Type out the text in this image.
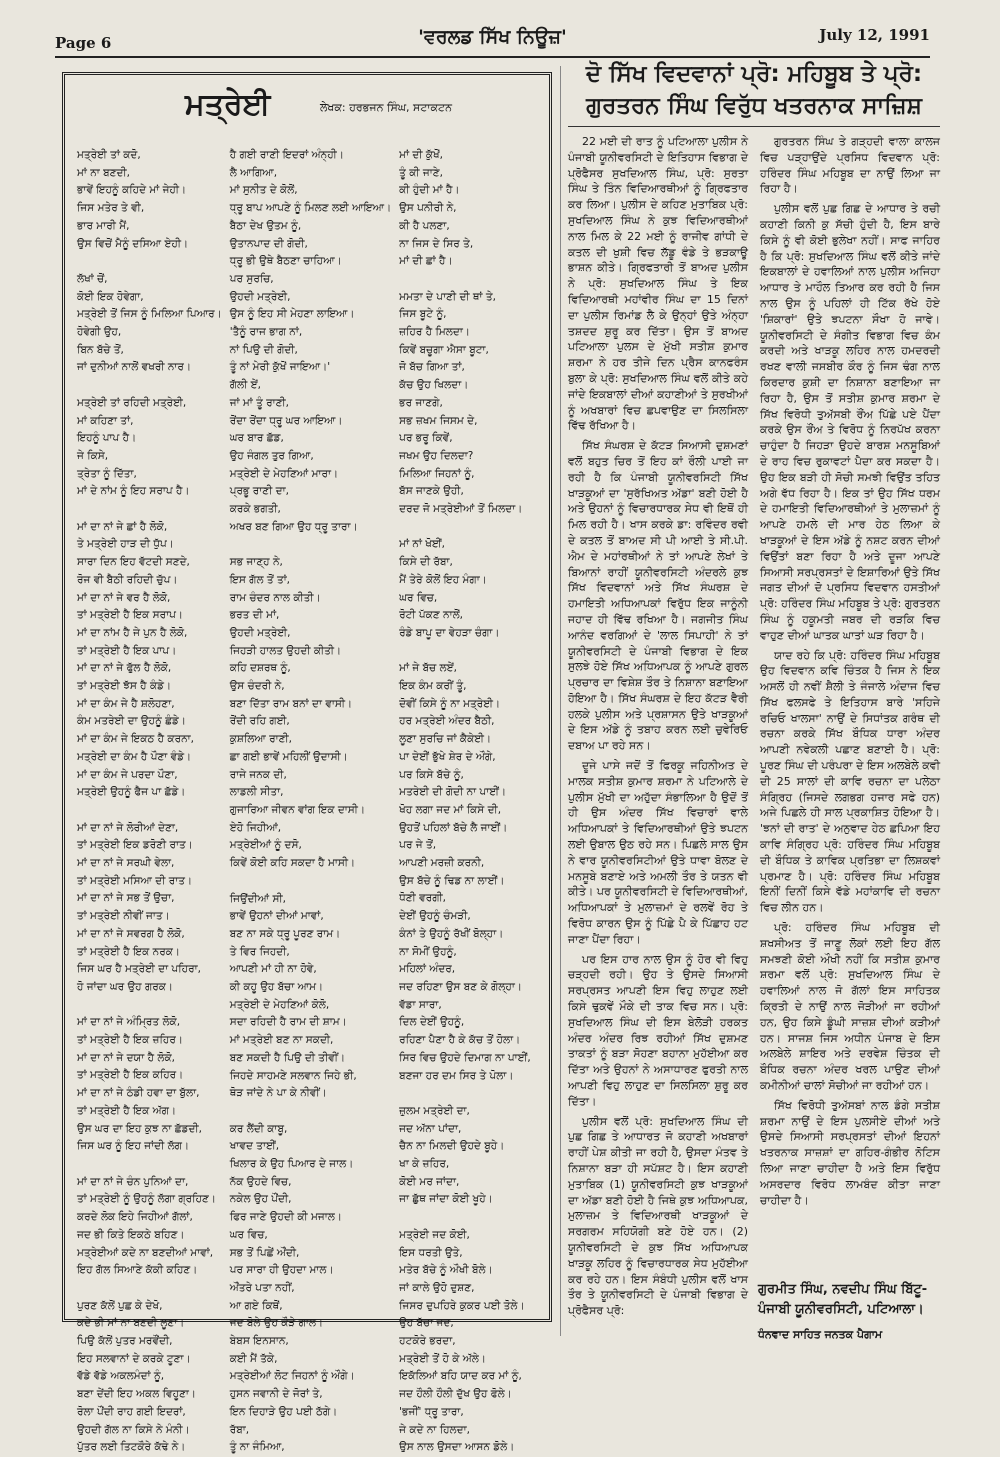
Page 6	'ਵਰਲਡ ਸਿੱਖ ਨਿਊਜ਼'	July 12, 1991
ਮਤ੍ਰੇਈ	ਲੇਖਕ: ਹਰਭਜਨ ਸਿੰਘ, ਸਟਾਕਟਨ
ਮਤ੍ਰੇਈ ਤਾਂ ਕਦੋ,
ਮਾਂ ਨਾ ਬਣਦੀ,
ਭਾਵੇਂ ਇਹਨੂੰ ਕਹਿਦੇ ਮਾਂ ਜੇਹੀ।
ਜਿਸ ਮਤੇਰ ਤੇ ਵੀ,
ਭਾਰ ਮਾਰੀ ਮੈਂ,
ਉਸ ਵਿਚੋਂ ਮੈਨੂੰ ਦਸਿਆ ਏਹੀ।
ਲੱਖਾਂ ਚੋਂ,
ਕੋਈ ਇਕ ਹੋਵੇਗਾ,
ਮਤ੍ਰੇਈ ਤੋਂ ਜਿਸ ਨੂੰ ਮਿਲਿਆ ਪਿਆਰ।
ਹੋਵੇਗੀ ਉਹ,
ਬਿਨ ਬੱਚੇ ਤੋਂ,
ਜਾਂ ਦੁਨੀਆਂ ਨਾਲੋਂ ਵਖਰੀ ਨਾਰ।
ਮਤ੍ਰੇਈ ਤਾਂ ਰਹਿਦੀ ਮਤ੍ਰੇਈ,
ਮਾਂ ਕਹਿਣਾ ਤਾਂ,
ਇਹਨੂੰ ਪਾਪ ਹੈ।
ਜੇ ਕਿਸੇ,
ਤ੍ਰੇਤਾ ਨੂੰ ਦਿੱਤਾ,
ਮਾਂ ਦੇ ਨਾਂਮ ਨੂੰ ਇਹ ਸਰਾਪ ਹੈ।
ਮਾਂ ਦਾ ਨਾਂ ਜੇ ਛਾਂ ਹੈ ਲੋਕੋ,
ਤੇ ਮਤ੍ਰੇਈ ਹਾੜ ਦੀ ਧੁੱਪ।
ਸਾਰਾ ਦਿਨ ਇਹ ਵੱਟਦੀ ਸਣਦੇ,
ਰੋਜ ਵੀ ਬੈਠੀ ਰਹਿਦੀ ਚੁੱਪ।
ਮਾਂ ਦਾ ਨਾਂ ਜੇ ਵਰ ਹੈ ਲੋਕੋ,
ਤਾਂ ਮਤ੍ਰੇਈ ਹੈ ਇਕ ਸਰਾਪ।
ਮਾਂ ਦਾ ਨਾਂਮ ਹੈ ਜੇ ਪੁਨ ਹੈ ਲੋਕੋ,
ਤਾਂ ਮਤ੍ਰੇਈ ਹੈ ਇਕ ਪਾਪ।
ਮਾਂ ਦਾ ਨਾਂ ਜੇ ਫੁੱਲ ਹੈ ਲੋਕੋ,
ਤਾਂ ਮਤ੍ਰੇਈ ਝੱਸ ਹੈ ਕੰਡੇ।
ਮਾਂ ਦਾ ਕੰਮ ਜੇ ਹੈ ਸ਼ਲੋਹਣਾ,
ਕੰਮ ਮਤਰੇਈ ਦਾ ਉਹਨੂੰ ਛੰਡੇ।
ਮਾਂ ਦਾ ਕੰਮ ਜੇ ਇਕਠ ਹੈ ਕਰਨਾ,
ਮਤ੍ਰੇਈ ਦਾ ਕੰਮ ਹੈ ਪੌਣਾ ਵੰਡੇ।
ਮਾਂ ਦਾ ਕੰਮ ਜੇ ਪਰਦਾ ਪੌਣਾ,
ਮਤ੍ਰੇਈ ਉਹਨੂੰ ਫੈਜ ਪਾ ਛੱਡੇ।
ਮਾਂ ਦਾ ਨਾਂ ਜੇ ਲੋਰੀਆਂ ਦੇਣਾ,
ਤਾਂ ਮਤ੍ਰੇਈ ਇਕ ਡਰੋਣੀ ਰਾਤ।
ਮਾਂ ਦਾ ਨਾਂ ਜੇ ਸਰਘੀ ਵੇਲਾ,
ਤਾਂ ਮਤ੍ਰੇਈ ਮਸਿਆ ਦੀ ਰਾਤ।
ਮਾਂ ਦਾ ਨਾਂ ਜੇ ਸਭ ਤੋਂ ਉਚਾ,
ਤਾਂ ਮਤ੍ਰੇਈ ਨੀਵੀਂ ਜਾਤ।
ਮਾਂ ਦਾ ਨਾਂ ਜੇ ਸਵਰਗ ਹੈ ਲੋਕੋ,
ਤਾਂ ਮਤ੍ਰੇਈ ਹੈ ਇਕ ਨਰਕ।
ਜਿਸ ਘਰ ਹੈ ਮਤ੍ਰੇਈ ਦਾ ਪਹਿਰਾ,
ਹੋ ਜਾਂਦਾ ਘਰ ਉਹ ਗਰਕ।
ਮਾਂ ਦਾ ਨਾਂ ਜੇ ਅੰਮ੍ਰਿਤ ਲੋਕੋ,
ਤਾਂ ਮਤ੍ਰੇਈ ਹੈ ਇਕ ਜ਼ਹਿਰ।
ਮਾਂ ਦਾ ਨਾਂ ਜੇ ਦਯਾ ਹੈ ਲੋਕੋ,
ਤਾਂ ਮਤ੍ਰੇਈ ਹੈ ਇਕ ਕਹਿਰ।
ਮਾਂ ਦਾ ਨਾਂ ਜੇ ਠੰਡੀ ਹਵਾ ਦਾ ਬੁੱਲਾ,
ਤਾਂ ਮਤ੍ਰੇਈ ਹੈ ਇਕ ਅੱਗ।
ਉਸ ਘਰ ਦਾ ਇਹ ਕੁਝ ਨਾ ਛੱਡਦੀ,
ਜਿਸ ਘਰ ਨੂੰ ਇਹ ਜਾਂਦੀ ਲੱਗ।
ਮਾਂ ਦਾ ਨਾਂ ਜੇ ਚੰਨ ਪੁਨਿਆਂ ਦਾ,
ਤਾਂ ਮਤ੍ਰੇਈ ਨੂੰ ਉਹਨੂੰ ਲੱਗਾ ਗ੍ਰਹਿਣ।
ਕਰਦੇ ਲੋਕ ਇਹੇ ਜਿਹੀਆਂ ਗੱਲਾਂ,
ਜਦ ਭੀ ਕਿਤੇ ਇਕਠੇ ਬਹਿਣ।
ਮਤ੍ਰੇਈਆਂ ਕਦੇ ਨਾ ਬਣਦੀਆਂ ਮਾਵਾਂ,
ਇਹ ਗੱਲ ਸਿਆਣੇ ਕੱਕੀ ਕਹਿਣ।
ਪੁਰਣ ਕੱਲੋਂ ਪੁਛ ਕੇ ਦੇਖੋ,
ਕਦੇ ਭੀ ਮਾਂ ਨਾ ਬਣਦੀ ਲੂਣਾ।
ਪਿਉ ਕੱਲੋਂ ਪੁਤਰ ਮਰਵੌਂਦੀ,
ਇਹ ਸਲਵਾਨਾਂ ਦੇ ਕਰਕੇ ਟੂਣਾ।
ਵੱਡੇ ਵੱਡੇ ਅਕਲਮੰਦਾਂ ਨੂੰ,
ਬਣਾ ਦੇਂਦੀ ਇਹ ਅਕਲ ਵਿਹੂਣਾ।
ਰੋਲਾ ਪੌਂਦੀ ਰਾਹ ਗਈ ਇਦਰਾਂ,
ਉਹਦੀ ਗੱਲ ਨਾ ਕਿਸੇ ਨੇ ਮੰਨੀ।
ਪੁੱਤਰ ਲਈ ਤਿਟਕੌਰੇ ਕੱਢੇ ਨੇ।
ਹੈ ਗਈ ਰਾਣੀ ਇਦਰਾਂ ਅੰਨ੍ਹੀ।
ਲੈ ਆਗਿਆ,
ਮਾਂ ਸੁਨੀਤ ਦੇ ਕੋਲੋਂ,
ਧ੍ਰੂ ਬਾਪ ਆਪਣੇ ਨੂੰ ਮਿਲਣ ਲਈ ਆਇਆ।
ਬੈਠਾ ਦੇਖ ਉਤਮ ਨੂੰ,
ਉਤਾਨਪਾਦ ਦੀ ਗੋਦੀ,
ਧ੍ਰੂ ਭੀ ਉਥੇ ਬੈਠਣਾ ਚਾਹਿਆ।
ਪਰ ਸੁਰਚਿ,
ਉਹਦੀ ਮਤ੍ਰੇਈ,
ਉਸ ਨੂੰ ਇਹ ਸੀ ਮੇਹਣਾ ਲਾਇਆ।
'ਤੈਨੂੰ ਰਾਜ ਭਾਗ ਨਾਂ,
ਨਾਂ ਪਿਉ ਦੀ ਗੋਦੀ,
ਤੂੰ ਨਾਂ ਮੇਰੀ ਕੁੱਖੋਂ ਜਾਇਆ।'
ਗੱਲੀ ਏਂ,
ਜਾਂ ਮਾਂ ਤੂੰ ਰਾਣੀ,
ਰੋਂਦਾ ਰੋਂਦਾ ਧ੍ਰੂ ਘਰ ਆਇਆ।
ਘਰ ਬਾਰ ਛੱਡ,
ਉਹ ਜੰਗਲ ਤੁਰ ਗਿਆ,
ਮਤ੍ਰੇਈ ਦੇ ਮੇਹਣਿਆਂ ਮਾਰਾ।
ਪ੍ਰਭੂ ਰਾਣੀ ਦਾ,
ਕਰਕੇ ਭਗਤੀ,
ਅਖਰ ਬਣ ਗਿਆ ਉਹ ਧ੍ਰੂ ਤਾਰਾ।
ਸਭ ਜਾਣ੍ਹ ਨੇ,
ਇਸ ਗੱਲ ਤੋਂ ਤਾਂ,
ਰਾਮ ਚੰਦਰ ਨਾਲ ਕੀਤੀ।
ਭਰਤ ਦੀ ਮਾਂ,
ਉਹਦੀ ਮਤ੍ਰੇਈ,
ਜਿਹੜੀ ਹਾਲਤ ਉਹਦੀ ਕੀਤੀ।
ਕਹਿ ਦਸ਼ਰਥ ਨੂੰ,
ਉਸ ਚੰਦਰੀ ਨੇ,
ਬਣਾ ਦਿੱਤਾ ਰਾਮ ਬਨਾਂ ਦਾ ਵਾਸੀ।
ਰੋਂਦੀ ਰਹਿ ਗਈ,
ਕੁਸ਼ਲਿਆ ਰਾਣੀ,
ਛਾ ਗਈ ਭਾਵੇਂ ਮਹਿਲੀਂ ਉਦਾਸੀ।
ਰਾਜੇ ਜਨਕ ਦੀ,
ਲਾਡਲੀ ਸੀਤਾ,
ਗੁਜਾਰਿਆ ਜੀਵਨ ਵਾਂਗ ਇਕ ਦਾਸੀ।
ਏਹੋ ਜਿਹੀਆਂ,
ਮਤ੍ਰੇਈਆਂ ਨੂੰ ਦਸੋ,
ਕਿਵੇਂ ਕੋਈ ਕਹਿ ਸਕਦਾ ਹੈ ਮਾਸੀ।
ਜਿਉਂਦੀਆਂ ਸੀ,
ਭਾਵੇਂ ਉਹਨਾਂ ਦੀਆਂ ਮਾਵਾਂ,
ਬਣ ਨਾ ਸਕੇ ਧ੍ਰੂ ਪੂਰਣ ਰਾਮ।
ਤੇ ਵਿਰ ਜਿਹਦੀ,
ਆਪਣੀ ਮਾਂ ਹੀ ਨਾ ਹੋਵੇ,
ਕੀ ਕਹੂ ਉਹ ਬੱਚਾ ਆਮ।
ਮਤ੍ਰੇਈ ਦੇ ਮੇਹਣਿਆਂ ਕੋਲੋ,
ਸਦਾ ਰਹਿਦੀ ਹੈ ਰਾਮ ਦੀ ਸ਼ਾਮ।
ਮਾਂ ਮਤ੍ਰੇਈ ਬਣ ਨਾ ਸਕਦੀ,
ਬਣ ਸਕਦੀ ਹੈ ਪਿਉ ਦੀ ਤੀਵੀਂ।
ਜਿਹਦੇ ਸਾਹਮਣੇ ਸਲਵਾਨ ਜਿਹੇ ਭੀ,
ਥੋੜ ਜਾਂਦੇ ਨੇ ਪਾ ਕੇ ਨੀਵੀਂ।
ਕਰ ਲੈਂਦੀ ਕਾਬੂ,
ਖਾਵਦ ਤਾਈਂ,
ਖਿਲਾਰ ਕੇ ਉਹ ਪਿਆਰ ਦੇ ਜਾਲ।
ਨੱਕ ਉਹਦੇ ਵਿਚ,
ਨਕੇਲ ਉਹ ਪੌਂਦੀ,
ਫਿਰ ਜਾਣੇ ਉਹਦੀ ਕੀ ਮਜਾਲ।
ਘਰ ਵਿਚ,
ਸਭ ਤੋਂ ਪਿਛੇਂ ਔਂਦੀ,
ਪਰ ਸਾਰਾ ਹੀ ਉਹਦਾ ਮਾਲ।
ਔਂਤਰੇ ਪਤਾ ਨਹੀਂ,
ਆ ਗਏ ਕਿਥੋਂ,
ਜਦ ਬੋਲੇ ਉਹ ਕੌੜੇ ਗਾਲ।
ਬੇਬਸ ਇਨਸਾਨ,
ਕਈ ਮੈਂ ਤੱਕੇ,
ਮਤ੍ਰੇਈਆਂ ਲੋਟ ਜਿਹਨਾਂ ਨੂੰ ਔਗੇ।
ਹੁਸਨ ਜਵਾਨੀ ਦੇ ਜੋਰਾਂ ਤੇ,
ਇਨ ਦਿਹਾੜੇ ਉਹ ਪਈ ਠੱਗੇ।
ਰੱਬਾ,
ਤੂੰ ਨਾ ਜੰਮਿਆ,
ਮਾਂ ਦੀ ਕੁੱਖੋਂ,
ਤੂੰ ਕੀ ਜਾਣੇ,
ਕੀ ਹੁੰਦੀ ਮਾਂ ਹੈ।
ਉਸ ਪਨੀਰੀ ਨੇ,
ਕੀ ਹੈ ਪਲਣਾ,
ਨਾ ਜਿਸ ਦੇ ਸਿਰ ਤੇ,
ਮਾਂ ਦੀ ਛਾਂ ਹੈ।
ਮਮਤਾ ਦੇ ਪਾਣੀ ਦੀ ਥਾਂ ਤੇ,
ਜਿਸ ਬੂਟੇ ਨੂੰ,
ਜ਼ਹਿਰ ਹੈ ਮਿਲਦਾ।
ਕਿਵੇਂ ਬਚੂਗਾ ਐਸਾ ਬੂਟਾ,
ਜੋ ਬੱਚ ਗਿਆ ਤਾਂ,
ਕੱਚ ਉਹ ਖਿਲਦਾ।
ਭਰ ਜਾਣਗੇ,
ਸਭ ਜ਼ਖਮ ਜਿਸਮ ਦੇ,
ਪਰ ਭਰੂ ਕਿਵੇਂ,
ਜਖਮ ਉਹ ਦਿਲਦਾ?
ਮਿਲਿਆ ਜਿਹਨਾਂ ਨੂੰ,
ਬੱਸ ਜਾਣਕੇ ਉਹੀ,
ਦਰਦ ਜੋ ਮਤ੍ਰੇਈਆਂ ਤੋਂ ਮਿਲਦਾ।
ਮਾਂ ਨਾਂ ਖੋਈਂ,
ਕਿਸੇ ਦੀ ਰੱਬਾ,
ਮੈਂ ਤੇਰੇ ਕੋਲੋਂ ਇਹ ਮੰਗਾ।
ਘਰ ਵਿਚ,
ਰੋਟੀ ਪੱਕਣ ਨਾਲੋਂ,
ਰੰਡੇ ਬਾਪੂ ਦਾ ਵੇਹੜਾ ਚੰਗਾ।
ਮਾਂ ਜੇ ਬੱਚ ਲਏਂ,
ਇਕ ਕੰਮ ਕਰੀਂ ਤੂੰ,
ਦੋਵੀਂ ਕਿਸੇ ਨੂੰ ਨਾ ਮਤ੍ਰੇਈ।
ਹਰ ਮਤ੍ਰੇਈ ਅੰਦਰ ਬੈਠੀ,
ਲੂਣਾ ਸੁਰਚਿ ਜਾਂ ਕੈਕੇਈ।
ਪਾ ਦੇਈਂ ਭੁੱਖੇ ਸ਼ੇਰ ਦੇ ਔਗੇ,
ਪਰ ਕਿਸੇ ਬੱਚੇ ਨੂੰ,
ਮਤਰੇਈ ਦੀ ਗੋਦੀ ਨਾ ਪਾਈਂ।
ਖੋਹ ਲਗਾ ਜਦ ਮਾਂ ਕਿਸੇ ਦੀ,
ਉਹਤੋਂ ਪਹਿਲਾਂ ਬੱਚੇ ਲੈ ਜਾਈਂ।
ਪਰ ਜੇ ਤੋਂ,
ਆਪਣੀ ਮਰਜ਼ੀ ਕਰਨੀ,
ਉਸ ਬੱਚੇ ਨੂੰ ਢਿਡ ਨਾ ਲਾਈਂ।
ਧੋਣੀ ਵਰਗੀ,
ਦੇਈਂ ਉਹਨੂੰ ਚੰਮੜੀ,
ਕੰਨਾਂ ਤੇ ਉਹਨੂੰ ਰੱਖੀਂ ਬੋਲ੍ਹਾ।
ਨਾ ਸੋਮੀਂ ਉਹਨੂੰ,
ਮਹਿਲਾਂ ਅੰਦਰ,
ਜਦ ਰਹਿਣਾ ਉਸ ਬਣ ਕੇ ਗੋਲ੍ਹਾ।
ਵੱਡਾ ਸਾਰਾ,
ਦਿਲ ਦੇਈਂ ਉਹਨੂੰ,
ਰਹਿਣਾ ਪੈਣਾ ਹੈ ਕੇ ਕੱਚ ਤੋਂ ਹੋਲਾ।
ਸਿਰ ਵਿਚ ਉਹਦੇ ਦਿਮਾਗ ਨਾ ਪਾਈਂ,
ਬਣਜਾ ਹਰ ਦਮ ਸਿਰ ਤੇ ਪੋਲਾ।
ਜ਼ੁਲਮ ਮਤ੍ਰੇਈ ਦਾ,
ਜਦ ਅੱਨਾ ਪਾਂਦਾ,
ਚੈਨ ਨਾ ਮਿਲਦੀ ਉਹਦੇ ਬੂਹੇ।
ਖਾ ਕੇ ਜ਼ਹਿਰ,
ਕੋਈ ਮਰ ਜਾਂਦਾ,
ਜਾ ਛੁੱਥ ਜਾਂਦਾ ਕੋਈ ਖੂਹੇ।
ਮਤ੍ਰੇਈ ਜਦ ਕੋਈ,
ਇਸ ਧਰਤੀ ਉਤੇ,
ਮਤੇਰ ਬੱਚੇ ਨੂੰ ਔਖੀ ਬੋਲੇ।
ਜਾਂ ਕਾਲੇ ਉਹੋ ਦੁਸ਼ਣ,
ਜਿਸਰ ਦੁਪਹਿਰੇ ਕੁਕਰ ਪਈ ਤੋਲੇ।
ਉਹ ਬੱਚਾ ਜਦ,
ਹਟਕੋਰੇ ਭਰਦਾ,
ਮਤ੍ਰੇਈ ਤੋਂ ਹੋ ਕੇ ਅੱਲੇ।
ਇਕੱਲਿਆਂ ਬਹਿ ਯਾਦ ਕਰ ਮਾਂ ਨੂੰ,
ਜਦ ਹੌਲੀ ਹੌਲੀ ਦੁੱਖ ਉਹ ਫੋਲੇ।
'ਭਜੀਂ' ਧ੍ਰੂ ਤਾਰਾ,
ਜੇ ਕਦੇ ਨਾ ਹਿਲਦਾ,
ਉਸ ਨਾਲ ਉਸਦਾ ਆਸਨ ਡੋਲੇ।
ਦੋ ਸਿੱਖ ਵਿਦਵਾਨਾਂ ਪ੍ਰੋ: ਮਹਿਬੂਬ ਤੇ ਪ੍ਰੋ: ਗੁਰਤਰਨ ਸਿੰਘ ਵਿਰੁੱਧ ਖਤਰਨਾਕ ਸਾਜ਼ਿਸ਼

22 ਮਈ ਦੀ ਰਾਤ ਨੂੰ ਪਟਿਆਲਾ ਪੁਲੀਸ ਨੇ ਪੰਜਾਬੀ ਯੂਨੀਵਰਸਿਟੀ ਦੇ ਇਤਿਹਾਸ ਵਿਭਾਗ ਦੇ ਪ੍ਰੋਫੈਸਰ ਸੁਖਦਿਆਲ ਸਿੰਘ, ਪ੍ਰੋ: ਸੁਰਤਾ ਸਿੰਘ ਤੇ ਤਿੰਨ ਵਿਦਿਆਰਥੀਆਂ ਨੂੰ ਗ੍ਰਿਫਤਾਰ ਕਰ ਲਿਆ। ਪੁਲੀਸ ਦੇ ਕਹਿਣ ਮੁਤਾਬਿਕ ਪ੍ਰੋ: ਸੁਖਦਿਆਲ ਸਿੰਘ ਨੇ ਕੁਝ ਵਿਦਿਆਰਥੀਆਂ ਨਾਲ ਮਿਲ ਕੇ 22 ਮਈ ਨੂੰ ਰਾਜੀਵ ਗਾਂਧੀ ਦੇ ਕਤਲ ਦੀ ਖੁਸ਼ੀ ਵਿਚ ਲੱਡੂ ਵੰਡੇ ਤੇ ਭੜਕਾਊ ਭਾਸ਼ਨ ਕੀਤੇ। ਗ੍ਰਿਫਤਾਰੀ ਤੋਂ ਬਾਅਦ ਪੁਲੀਸ ਨੇ ਪ੍ਰੋ: ਸੁਖਦਿਆਲ ਸਿੰਘ ਤੇ ਇਕ ਵਿਦਿਆਰਥੀ ਮਹਾਂਵੀਰ ਸਿੰਘ ਦਾ 15 ਦਿਨਾਂ ਦਾ ਪੁਲੀਸ ਰਿਮਾਂਡ ਲੈ ਕੇ ਉਨ੍ਹਾਂ ਉਤੇ ਅੰਨ੍ਹਾ ਤਸ਼ਦਦ ਸ਼ੁਰੂ ਕਰ ਦਿੱਤਾ। ਉਸ ਤੋਂ ਬਾਅਦ ਪਟਿਆਲਾ ਪੁਲਸ ਦੇ ਮੁੱਖੀ ਸਤੀਸ਼ ਕੁਮਾਰ ਸ਼ਰਮਾ ਨੇ ਹਰ ਤੀਜੇ ਦਿਨ ਪ੍ਰੈਸ ਕਾਨਫਰੰਸ ਬੁਲਾ ਕੇ ਪ੍ਰੋ: ਸੁਖਦਿਆਲ ਸਿੰਘ ਵਲੋਂ ਕੀਤੇ ਕਹੇ ਜਾਂਦੇ ਇਕਬਾਲਾਂ ਦੀਆਂ ਕਹਾਣੀਆਂ ਤੇ ਸੁਰਖੀਆਂ ਨੂੰ ਅਖਬਾਰਾਂ ਵਿਚ ਛਪਵਾਉਣ ਦਾ ਸਿਲਸਿਲਾ ਵਿੱਢ ਰੱਖਿਆ ਹੈ।

ਸਿੱਖ ਸੰਘਰਸ਼ ਦੇ ਕੱਟੜ ਸਿਆਸੀ ਦੁਸ਼ਮਣਾਂ ਵਲੋਂ ਬਹੁਤ ਚਿਰ ਤੋਂ ਇਹ ਕਾਂ ਰੌਲੀ ਪਾਈ ਜਾ ਰਹੀ ਹੈ ਕਿ ਪੰਜਾਬੀ ਯੂਨੀਵਰਸਿਟੀ ਸਿੱਖ ਖਾੜਕੂਆਂ ਦਾ 'ਸੁਰੱਖਿਅਤ ਅੱਡਾ' ਬਣੀ ਹੋਈ ਹੈ ਅਤੇ ਉਹਨਾਂ ਨੂੰ ਵਿਚਾਰਧਾਰਕ ਸੇਧ ਵੀ ਇਥੋਂ ਹੀ ਮਿਲ ਰਹੀ ਹੈ। ਖਾਸ ਕਰਕੇ ਡਾ: ਰਵਿੰਦਰ ਰਵੀ ਦੇ ਕਤਲ ਤੋਂ ਬਾਅਦ ਸੀ ਪੀ ਆਈ ਤੇ ਸੀ.ਪੀ. ਐਮ ਦੇ ਮਹਾਂਰਥੀਆਂ ਨੇ ਤਾਂ ਆਪਣੇ ਲੇਖਾਂ ਤੇ ਬਿਆਨਾਂ ਰਾਹੀਂ ਯੂਨੀਵਰਸਿਟੀ ਅੰਦਰਲੇ ਕੁਝ ਸਿੱਖ ਵਿਦਵਾਨਾਂ ਅਤੇ ਸਿੱਖ ਸੰਘਰਸ਼ ਦੇ ਹਮਾਇਤੀ ਅਧਿਆਪਕਾਂ ਵਿਰੁੱਧ ਇਕ ਜਾਨੂੰਨੀ ਜਹਾਦ ਹੀ ਵਿੱਢ ਰਖਿਆ ਹੈ। ਜਗਜੀਤ ਸਿੰਘ ਆਨੰਦ ਵਰਗਿਆਂ ਦੇ 'ਲਾਲ ਸਿਪਾਹੀ' ਨੇ ਤਾਂ ਯੂਨੀਵਰਸਿਟੀ ਦੇ ਪੰਜਾਬੀ ਵਿਭਾਗ ਦੇ ਇਕ ਸੁਲਝੇ ਹੋਏ ਸਿੱਖ ਅਧਿਆਪਕ ਨੂੰ ਆਪਣੇ ਗੁਰਲ ਪ੍ਰਚਾਰ ਦਾ ਵਿਸ਼ੇਸ਼ ਤੌਰ ਤੇ ਨਿਸ਼ਾਨਾ ਬਣਾਇਆ ਹੋਇਆ ਹੈ। ਸਿੱਖ ਸੰਘਰਸ਼ ਦੇ ਇਹ ਕੱਟੜ ਵੈਰੀ ਹਲਕੇ ਪੁਲੀਸ ਅਤੇ ਪ੍ਰਸ਼ਾਸਨ ਉਤੇ ਖਾੜਕੂਆਂ ਦੇ ਇਸ ਅੱਡੇ ਨੂੰ ਤਬਾਹ ਕਰਨ ਲਈ ਚੁਵੇਰਿਓ ਦਬਾਅ ਪਾ ਰਹੇ ਸਨ।

ਦੂਜੇ ਪਾਸੇ ਜਦੋਂ ਤੋਂ ਫਿਰਕੂ ਜਹਿਨੀਅਤ ਦੇ ਮਾਲਕ ਸਤੀਸ਼ ਕੁਮਾਰ ਸ਼ਰਮਾ ਨੇ ਪਟਿਆਲੇ ਦੇ ਪੁਲੀਸ ਮੁੱਖੀ ਦਾ ਅਹੁੱਦਾ ਸੰਭਾਲਿਆ ਹੈ ਉਦੋਂ ਤੋਂ ਹੀ ਉਸ ਅੰਦਰ ਸਿੱਖ ਵਿਚਾਰਾਂ ਵਾਲੇ ਅਧਿਆਪਕਾਂ ਤੇ ਵਿਦਿਆਰਥੀਆਂ ਉਤੇ ਝਪਟਨ ਲਈ ਉਬਾਲ ਉਠ ਰਹੇ ਸਨ। ਪਿਛਲੇ ਸਾਲ ਉਸ ਨੇ ਵਾਰ ਯੂਨੀਵਰਸਿਟੀਆਂ ਉਤੇ ਧਾਵਾ ਬੋਲਣ ਦੇ ਮਨਸੂਬੇ ਬਣਾਏ ਅਤੇ ਅਮਲੀ ਤੌਰ ਤੇ ਯਤਨ ਵੀ ਕੀਤੇ। ਪਰ ਯੂਨੀਵਰਸਿਟੀ ਦੇ ਵਿਦਿਆਰਥੀਆਂ, ਅਧਿਆਪਕਾਂ ਤੇ ਮੁਲਾਜ਼ਮਾਂ ਦੇ ਰਲਵੇਂ ਰੋਹ ਤੇ ਵਿਰੋਧ ਕਾਰਨ ਉਸ ਨੂੰ ਪਿੱਛੇ ਪੈ ਕੇ ਪਿੱਛਾਹ ਹਟ ਜਾਣਾ ਪੈਂਦਾ ਰਿਹਾ।

ਪਰ ਇਸ ਹਾਰ ਨਾਲ ਉਸ ਨੂੰ ਹੋਰ ਵੀ ਵਿਹੁ ਚੜ੍ਹਦੀ ਰਹੀ। ਉਹ ਤੇ ਉਸਦੇ ਸਿਆਸੀ ਸਰਪ੍ਰਸਤ ਆਪਣੀ ਇਸ ਵਿਹੁ ਲਾਹੁਣ ਲਈ ਕਿਸੇ ਢੁਕਵੇਂ ਮੌਕੇ ਦੀ ਤਾਕ ਵਿਚ ਸਨ। ਪ੍ਰੋ: ਸੁਖਦਿਆਲ ਸਿੰਘ ਦੀ ਇਸ ਬੇਲੋੜੀ ਹਰਕਤ ਅੰਦਰ ਅੰਦਰ ਰਿਝ ਰਹੀਆਂ ਸਿੱਖ ਦੁਸ਼ਮਣ ਤਾਕਤਾਂ ਨੂੰ ਬੜਾ ਸੋਹਣਾ ਬਹਾਨਾ ਮੁਹੱਈਆ ਕਰ ਦਿੱਤਾ ਅਤੇ ਉਹਨਾਂ ਨੇ ਅਸਾਧਾਰਣ ਫੁਰਤੀ ਨਾਲ ਆਪਣੀ ਵਿਹੁ ਲਾਹੁਣ ਦਾ ਸਿਲਸਿਲਾ ਸ਼ੁਰੂ ਕਰ ਦਿੱਤਾ।

ਪੁਲੀਸ ਵਲੋਂ ਪ੍ਰੋ: ਸੁਖਦਿਆਲ ਸਿੰਘ ਦੀ ਪੁਛ ਗਿਛ ਤੇ ਆਧਾਰਤ ਜੋ ਕਹਾਣੀ ਅਖਬਾਰਾਂ ਰਾਹੀਂ ਪੇਸ਼ ਕੀਤੀ ਜਾ ਰਹੀ ਹੈ, ਉਸਦਾ ਮੰਤਵ ਤੇ ਨਿਸ਼ਾਨਾ ਬੜਾ ਹੀ ਸਪੱਸ਼ਟ ਹੈ। ਇਸ ਕਹਾਣੀ ਮੁਤਾਬਿਕ (1) ਯੂਨੀਵਰਸਿਟੀ ਕੁਝ ਖਾੜਕੂਆਂ ਦਾ ਅੱਡਾ ਬਣੀ ਹੋਈ ਹੈ ਜਿਥੇ ਕੁਝ ਅਧਿਆਪਕ, ਮੁਲਾਜ਼ਮ ਤੇ ਵਿਦਿਆਰਥੀ ਖਾੜਕੂਆਂ ਦੇ ਸਰਗਰਮ ਸਹਿਯੋਗੀ ਬਣੇ ਹੋਏ ਹਨ। (2) ਯੂਨੀਵਰਸਿਟੀ ਦੇ ਕੁਝ ਸਿੱਖ ਅਧਿਆਪਕ ਖਾੜਕੂ ਲਹਿਰ ਨੂੰ ਵਿਚਾਰਧਾਰਕ ਸੇਧ ਮੁਹੱਈਆ ਕਰ ਰਹੇ ਹਨ। ਇਸ ਸੰਬੰਧੀ ਪੁਲੀਸ ਵਲੋਂ ਖਾਸ ਤੌਰ ਤੇ ਯੂਨੀਵਰਸਿਟੀ ਦੇ ਪੰਜਾਬੀ ਵਿਭਾਗ ਦੇ ਪ੍ਰੋਫੈਸਰ ਪ੍ਰੋ:

ਗੁਰਤਰਨ ਸਿੰਘ ਤੇ ਗੜ੍ਹਦੀ ਵਾਲਾ ਕਾਲਜ ਵਿਚ ਪੜ੍ਹਾਉਂਦੇ ਪ੍ਰਸਿਧ ਵਿਦਵਾਨ ਪ੍ਰੋ: ਹਰਿੰਦਰ ਸਿੰਘ ਮਹਿਬੂਬ ਦਾ ਨਾਉਂ ਲਿਆ ਜਾ ਰਿਹਾ ਹੈ।

ਪੁਲੀਸ ਵਲੋਂ ਪੁਛ ਗਿਛ ਦੇ ਆਧਾਰ ਤੇ ਰਚੀ ਕਹਾਣੀ ਕਿਨੀ ਕੁ ਸੱਚੀ ਹੁੰਦੀ ਹੈ, ਇਸ ਬਾਰੇ ਕਿਸੇ ਨੂੰ ਵੀ ਕੋਈ ਭੁਲੇਖਾ ਨਹੀਂ। ਸਾਫ ਜਾਹਿਰ ਹੈ ਕਿ ਪ੍ਰੋ: ਸੁਖਦਿਆਲ ਸਿੰਘ ਵਲੋਂ ਕੀਤੇ ਜਾਂਦੇ ਇਕਬਾਲਾਂ ਦੇ ਹਵਾਲਿਆਂ ਨਾਲ ਪੁਲੀਸ ਅਜਿਹਾ ਆਧਾਰ ਤੇ ਮਾਹੌਲ ਤਿਆਰ ਕਰ ਰਹੀ ਹੈ ਜਿਸ ਨਾਲ ਉਸ ਨੂੰ ਪਹਿਲਾਂ ਹੀ ਟਿੱਕ ਰੱਖੇ ਹੋਏ 'ਸ਼ਿਕਾਰਾਂ' ਉਤੇ ਝਪਟਨਾ ਸੌਖਾ ਹੋ ਜਾਵੇ। ਯੂਨੀਵਰਸਿਟੀ ਦੇ ਸੰਗੀਤ ਵਿਭਾਗ ਵਿਚ ਕੰਮ ਕਰਦੀ ਅਤੇ ਖਾੜਕੂ ਲਹਿਰ ਨਾਲ ਹਮਦਰਦੀ ਰਖਣ ਵਾਲੀ ਜਸਬੀਰ ਕੌਰ ਨੂੰ ਜਿਸ ਢੰਗ ਨਾਲ ਕਿਰਦਾਰ ਕੁਸ਼ੀ ਦਾ ਨਿਸ਼ਾਨਾ ਬਣਾਇਆ ਜਾ ਰਿਹਾ ਹੈ, ਉਸ ਤੋਂ ਸਤੀਸ਼ ਕੁਮਾਰ ਸ਼ਰਮਾ ਦੇ ਸਿੱਖ ਵਿਰੋਧੀ ਤੁਅੱਸਬੀ ਰੌਂਅ ਪਿੱਛੇ ਪਏ ਪੈਂਦਾ ਕਰਕੇ ਉਸ ਰੌਂਅ ਤੇ ਵਿਰੋਧ ਨੂੰ ਨਿਰਪੱਖ ਕਰਨਾ ਚਾਹੁੰਦਾ ਹੈ ਜਿਹੜਾ ਉਹਦੇ ਬਾਰਸ਼ ਮਨਸੂਬਿਆਂ ਦੇ ਰਾਹ ਵਿਚ ਰੁਕਾਵਟਾਂ ਪੈਦਾ ਕਰ ਸਕਦਾ ਹੈ। ਉਹ ਇਕ ਬੜੀ ਹੀ ਸੋਚੀ ਸਮਝੀ ਵਿਉਂਤ ਤਹਿਤ ਅਗੇ ਵੱਧ ਰਿਹਾ ਹੈ। ਇਕ ਤਾਂ ਉਹ ਸਿੱਖ ਧਰਮ ਦੇ ਹਮਾਇਤੀ ਵਿਦਿਆਰਥੀਆਂ ਤੇ ਮੁਲਾਜ਼ਮਾਂ ਨੂੰ ਆਪਣੇ ਹਮਲੇ ਦੀ ਮਾਰ ਹੇਠ ਲਿਆ ਕੇ ਖਾੜਕੂਆਂ ਦੇ ਇਸ ਅੱਡੇ ਨੂੰ ਨਸ਼ਟ ਕਰਨ ਦੀਆਂ ਵਿਉਂਤਾਂ ਬਣਾ ਰਿਹਾ ਹੈ ਅਤੇ ਦੂਜਾ ਆਪਣੇ ਸਿਆਸੀ ਸਰਪ੍ਰਸਤਾਂ ਦੇ ਇਸ਼ਾਰਿਆਂ ਉਤੇ ਸਿੱਖ ਜਗਤ ਦੀਆਂ ਦੋ ਪ੍ਰਸਿਧ ਵਿਦਵਾਨ ਹਸਤੀਆਂ ਪ੍ਰੋ: ਹਰਿੰਦਰ ਸਿੰਘ ਮਹਿਬੂਬ ਤੇ ਪ੍ਰੋ: ਗੁਰਤਰਨ ਸਿੰਘ ਨੂੰ ਹਕੂਮਤੀ ਜਬਰ ਦੀ ਰੜਕਿ ਵਿਚ ਵਾਹੁਣ ਦੀਆਂ ਘਾਤਕ ਘਾਤਾਂ ਘੜ ਰਿਹਾ ਹੈ।

ਯਾਦ ਰਹੇ ਕਿ ਪ੍ਰੋ: ਹਰਿੰਦਰ ਸਿੰਘ ਮਹਿਬੂਬ ਉਹ ਵਿਦਵਾਨ ਕਵਿ ਚਿੰਤਕ ਹੈ ਜਿਸ ਨੇ ਇਕ ਅਸਲੋਂ ਹੀ ਨਵੀਂ ਸ਼ੈਲੀ ਤੇ ਜੰਜਾਲੇ ਅੰਦਾਜ ਵਿਚ ਸਿੱਖ ਫਲਸਫੇ ਤੇ ਇਤਿਹਾਸ ਬਾਰੇ 'ਸਹਿਜੇ ਰਚਿਓ ਖਾਲਸਾ' ਨਾਉਂ ਦੇ ਸਿਧਾਂਤਕ ਗਰੰਥ ਦੀ ਰਚਨਾ ਕਰਕੇ ਸਿੱਖ ਬੌਧਿਕ ਧਾਰਾ ਅੰਦਰ ਆਪਣੀ ਨਵੇਕਲੀ ਪਛਾਣ ਬਣਾਈ ਹੈ। ਪ੍ਰੋ: ਪੂਰਣ ਸਿੰਘ ਦੀ ਪਰੰਪਰਾ ਦੇ ਇਸ ਅਲਬੇਲੇ ਕਵੀ ਦੀ 25 ਸਾਲਾਂ ਦੀ ਕਾਵਿ ਰਚਨਾ ਦਾ ਪਲੇਠਾ ਸੰਗ੍ਰਿਹ (ਜਿਸਦੇ ਲਗਭਗ ਹਜਾਰ ਸਫੇ ਹਨ) ਅਜੇ ਪਿਛਲੇ ਹੀ ਸਾਲ ਪ੍ਰਕਾਸ਼ਿਤ ਹੋਇਆ ਹੈ। 'ਝਨਾਂ ਦੀ ਰਾਤ' ਦੇ ਅਨੁਵਾਦ ਹੇਠ ਛਪਿਆ ਇਹ ਕਾਵਿ ਸੰਗ੍ਰਿਹ ਪ੍ਰੋ: ਹਰਿੰਦਰ ਸਿੰਘ ਮਹਿਬੂਬ ਦੀ ਬੌਧਿਕ ਤੇ ਕਾਵਿਕ ਪ੍ਰਤਿਭਾ ਦਾ ਲਿਸ਼ਕਵਾਂ ਪ੍ਰਮਾਣ ਹੈ। ਪ੍ਰੋ: ਹਰਿੰਦਰ ਸਿੰਘ ਮਹਿਬੂਬ ਇਨੀਂ ਦਿਨੀਂ ਕਿਸੇ ਵੱਡੇ ਮਹਾਂਕਾਵਿ ਦੀ ਰਚਨਾ ਵਿਚ ਲੀਨ ਹਨ।

ਪ੍ਰੋ: ਹਰਿੰਦਰ ਸਿੰਘ ਮਹਿਬੂਬ ਦੀ ਸ਼ਖਸੀਅਤ ਤੋਂ ਜਾਣੂ ਲੋਕਾਂ ਲਈ ਇਹ ਗੱਲ ਸਮਝਣੀ ਕੋਈ ਔਖੀ ਨਹੀਂ ਕਿ ਸਤੀਸ਼ ਕੁਮਾਰ ਸ਼ਰਮਾ ਵਲੋਂ ਪ੍ਰੋ: ਸੁਖਦਿਆਲ ਸਿੰਘ ਦੇ ਹਵਾਲਿਆਂ ਨਾਲ ਜੋ ਗੱਲਾਂ ਇਸ ਸਾਹਿਤਕ ਕ੍ਰਿਤੀ ਦੇ ਨਾਉਂ ਨਾਲ ਜੋੜੀਆਂ ਜਾ ਰਹੀਆਂ ਹਨ, ਉਹ ਕਿਸੇ ਡੂੰਘੀ ਸਾਜ਼ਸ਼ ਦੀਆਂ ਕੜੀਆਂ ਹਨ। ਸਾਜਸ਼ ਜਿਸ ਅਧੀਨ ਪੰਜਾਬ ਦੇ ਇਸ ਅਲਬੇਲੇ ਸ਼ਾਇਰ ਅਤੇ ਦਰਵੇਸ਼ ਚਿੰਤਕ ਦੀ ਬੌਧਿਕ ਰਚਨਾ ਅੰਦਰ ਖਰਲ ਪਾਉਣ ਦੀਆਂ ਕਮੀਨੀਆਂ ਚਾਲਾਂ ਸੋਚੀਆਂ ਜਾ ਰਹੀਆਂ ਹਨ।

ਸਿੱਖ ਵਿਰੋਧੀ ਤੁਅੱਸਬਾਂ ਨਾਲ ਡੰਗੇ ਸਤੀਸ਼ ਸ਼ਰਮਾ ਨਾਉਂ ਦੇ ਇਸ ਪੁਲਸੀਏ ਦੀਆਂ ਅਤੇ ਉਸਦੇ ਸਿਆਸੀ ਸਰਪ੍ਰਸਤਾਂ ਦੀਆਂ ਇਹਨਾਂ ਖਤਰਨਾਕ ਸਾਜ਼ਸ਼ਾਂ ਦਾ ਗਹਿਰ-ਗੰਭੀਰ ਨੋਟਿਸ ਲਿਆ ਜਾਣਾ ਚਾਹੀਦਾ ਹੈ ਅਤੇ ਇਸ ਵਿਰੁੱਧ ਅਸਰਦਾਰ ਵਿਰੋਧ ਲਾਮਬੰਦ ਕੀਤਾ ਜਾਣਾ ਚਾਹੀਦਾ ਹੈ।

ਗੁਰਮੀਤ ਸਿੰਘ, ਨਵਦੀਪ ਸਿੰਘ ਬਿੱਟੂ- ਪੰਜਾਬੀ ਯੂਨੀਵਰਸਿਟੀ, ਪਟਿਆਲਾ।
ਧੰਨਵਾਦ ਸਾਹਿਤ ਜਨਤਕ ਪੈਗਾਮ
